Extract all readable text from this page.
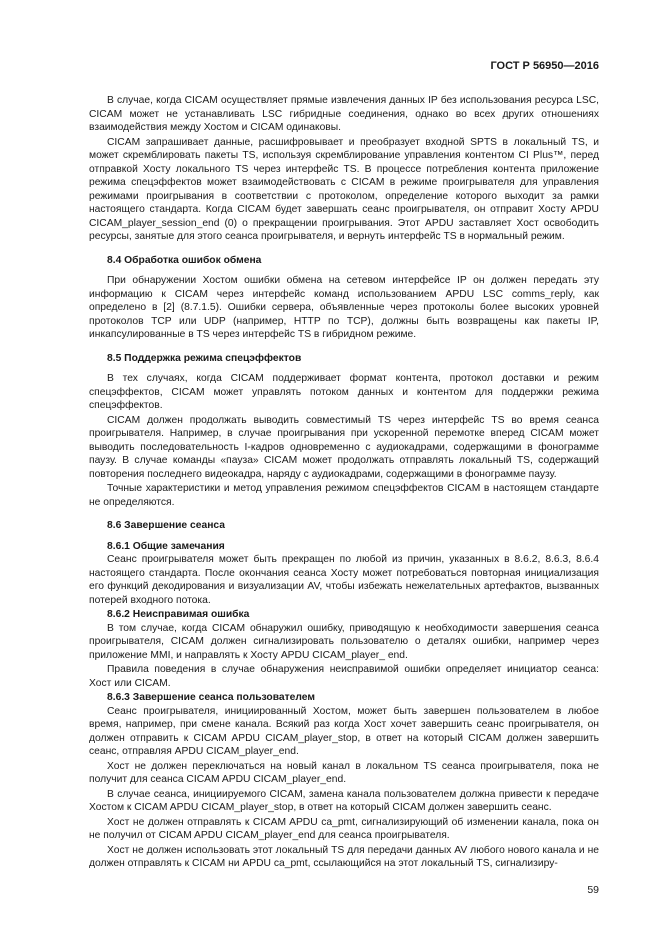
ГОСТ Р 56950—2016

В случае, когда CICAM осуществляет прямые извлечения данных IP без использования ресурса LSC, CICAM может не устанавливать LSC гибридные соединения, однако во всех других отношениях взаимодействия между Хостом и CICAM одинаковы.

CICAM запрашивает данные, расшифровывает и преобразует входной SPTS в локальный TS, и может скремблировать пакеты TS, используя скремблирование управления контентом CI Plus™, перед отправкой Хосту локального TS через интерфейс TS. В процессе потребления контента приложение режима спецэффектов может взаимодействовать с CICAM в режиме проигрывателя для управления режимами проигрывания в соответствии с протоколом, определение которого выходит за рамки настоящего стандарта. Когда CICAM будет завершать сеанс проигрывателя, он отправит Хосту APDU CICAM_player_session_end (0) о прекращении проигрывания. Этот APDU заставляет Хост освободить ресурсы, занятые для этого сеанса проигрывателя, и вернуть интерфейс TS в нормальный режим.

8.4 Обработка ошибок обмена

При обнаружении Хостом ошибки обмена на сетевом интерфейсе IP он должен передать эту информацию к CICAM через интерфейс команд использованием APDU LSC comms_reply, как определено в [2] (8.7.1.5). Ошибки сервера, объявленные через протоколы более высоких уровней протоколов TCP или UDP (например, HTTP по TCP), должны быть возвращены как пакеты IP, инкапсулированные в TS через интерфейс TS в гибридном режиме.

8.5 Поддержка режима спецэффектов

В тех случаях, когда CICAM поддерживает формат контента, протокол доставки и режим спецэффектов, CICAM может управлять потоком данных и контентом для поддержки режима спецэффектов.

CICAM должен продолжать выводить совместимый TS через интерфейс TS во время сеанса проигрывателя. Например, в случае проигрывания при ускоренной перемотке вперед CICAM может выводить последовательность I-кадров одновременно с аудиокадрами, содержащими в фонограмме паузу. В случае команды «пауза» CICAM может продолжать отправлять локальный TS, содержащий повторения последнего видеокадра, наряду с аудиокадрами, содержащими в фонограмме паузу.

Точные характеристики и метод управления режимом спецэффектов CICAM в настоящем стандарте не определяются.

8.6 Завершение сеанса
8.6.1 Общие замечания

Сеанс проигрывателя может быть прекращен по любой из причин, указанных в 8.6.2, 8.6.3, 8.6.4 настоящего стандарта. После окончания сеанса Хосту может потребоваться повторная инициализация его функций декодирования и визуализации AV, чтобы избежать нежелательных артефактов, вызванных потерей входного потока.

8.6.2 Неисправимая ошибка

В том случае, когда CICAM обнаружил ошибку, приводящую к необходимости завершения сеанса проигрывателя, CICAM должен сигнализировать пользователю о деталях ошибки, например через приложение MMI, и направлять к Хосту APDU CICAM_player_ end.

Правила поведения в случае обнаружения неисправимой ошибки определяет инициатор сеанса: Хост или CICAM.

8.6.3 Завершение сеанса пользователем

Сеанс проигрывателя, инициированный Хостом, может быть завершен пользователем в любое время, например, при смене канала. Всякий раз когда Хост хочет завершить сеанс проигрывателя, он должен отправить к CICAM APDU CICAM_player_stop, в ответ на который CICAM должен завершить сеанс, отправляя APDU CICAM_player_end.

Хост не должен переключаться на новый канал в локальном TS сеанса проигрывателя, пока не получит для сеанса CICAM APDU CICAM_player_end.

В случае сеанса, инициируемого CICAM, замена канала пользователем должна привести к передаче Хостом к CICAM APDU CICAM_player_stop, в ответ на который CICAM должен завершить сеанс.

Хост не должен отправлять к CICAM APDU ca_pmt, сигнализирующий об изменении канала, пока он не получил от CICAM APDU CICAM_player_end для сеанса проигрывателя.

Хост не должен использовать этот локальный TS для передачи данных AV любого нового канала и не должен отправлять к CICAM ни APDU ca_pmt, ссылающийся на этот локальный TS, сигнализиру-

59
